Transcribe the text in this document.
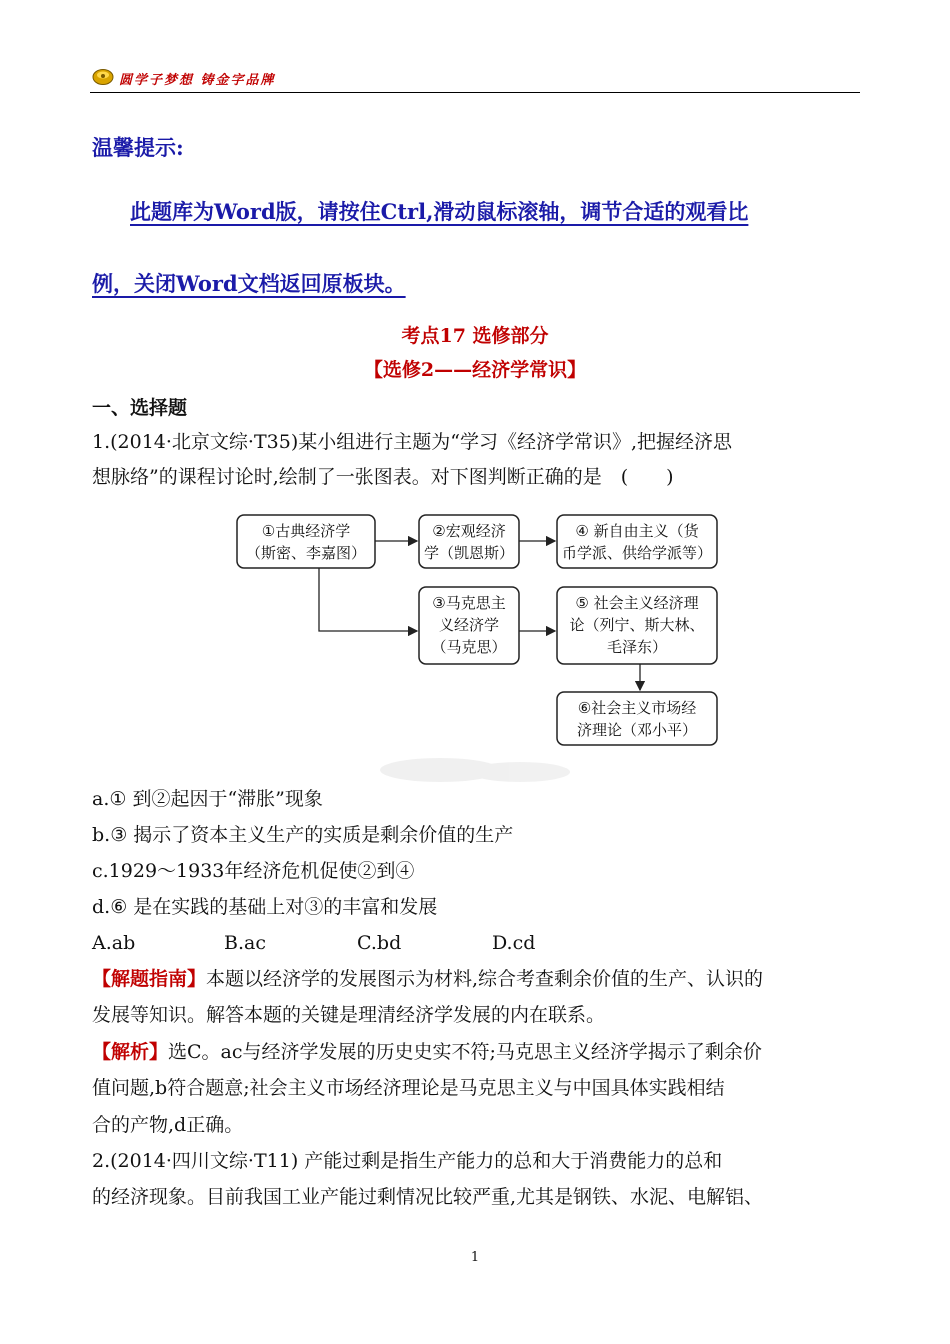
圆学子梦想 铸金字品牌
温馨提示:
此题库为Word版，请按住Ctrl,滑动鼠标滚轴，调节合适的观看比
例，关闭Word文档返回原板块。
考点17 选修部分
【选修2——经济学常识】
一、选择题
1.(2014·北京文综·T35)某小组进行主题为“学习《经济学常识》,把握经济思
想脉络”的课程讨论时,绘制了一张图表。对下图判断正确的是　(　　)
①古典经济学
（斯密、李嘉图）
②宏观经济
学（凯恩斯）
④ 新自由主义（货
币学派、供给学派等）
③马克思主
义经济学
（马克思）
⑤ 社会主义经济理
论（列宁、斯大林、
毛泽东）
⑥社会主义市场经
济理论（邓小平）
a.① 到②起因于“滞胀”现象
b.③ 揭示了资本主义生产的实质是剩余价值的生产
c.1929～1933年经济危机促使②到④
d.⑥ 是在实践的基础上对③的丰富和发展
A.ab	B.ac	C.bd	D.cd
【解题指南】本题以经济学的发展图示为材料,综合考查剩余价值的生产、认识的
发展等知识。解答本题的关键是理清经济学发展的内在联系。
【解析】选C。ac与经济学发展的历史史实不符;马克思主义经济学揭示了剩余价
值问题,b符合题意;社会主义市场经济理论是马克思主义与中国具体实践相结
合的产物,d正确。
2.(2014·四川文综·T11) 产能过剩是指生产能力的总和大于消费能力的总和
的经济现象。目前我国工业产能过剩情况比较严重,尤其是钢铁、水泥、电解铝、
1
